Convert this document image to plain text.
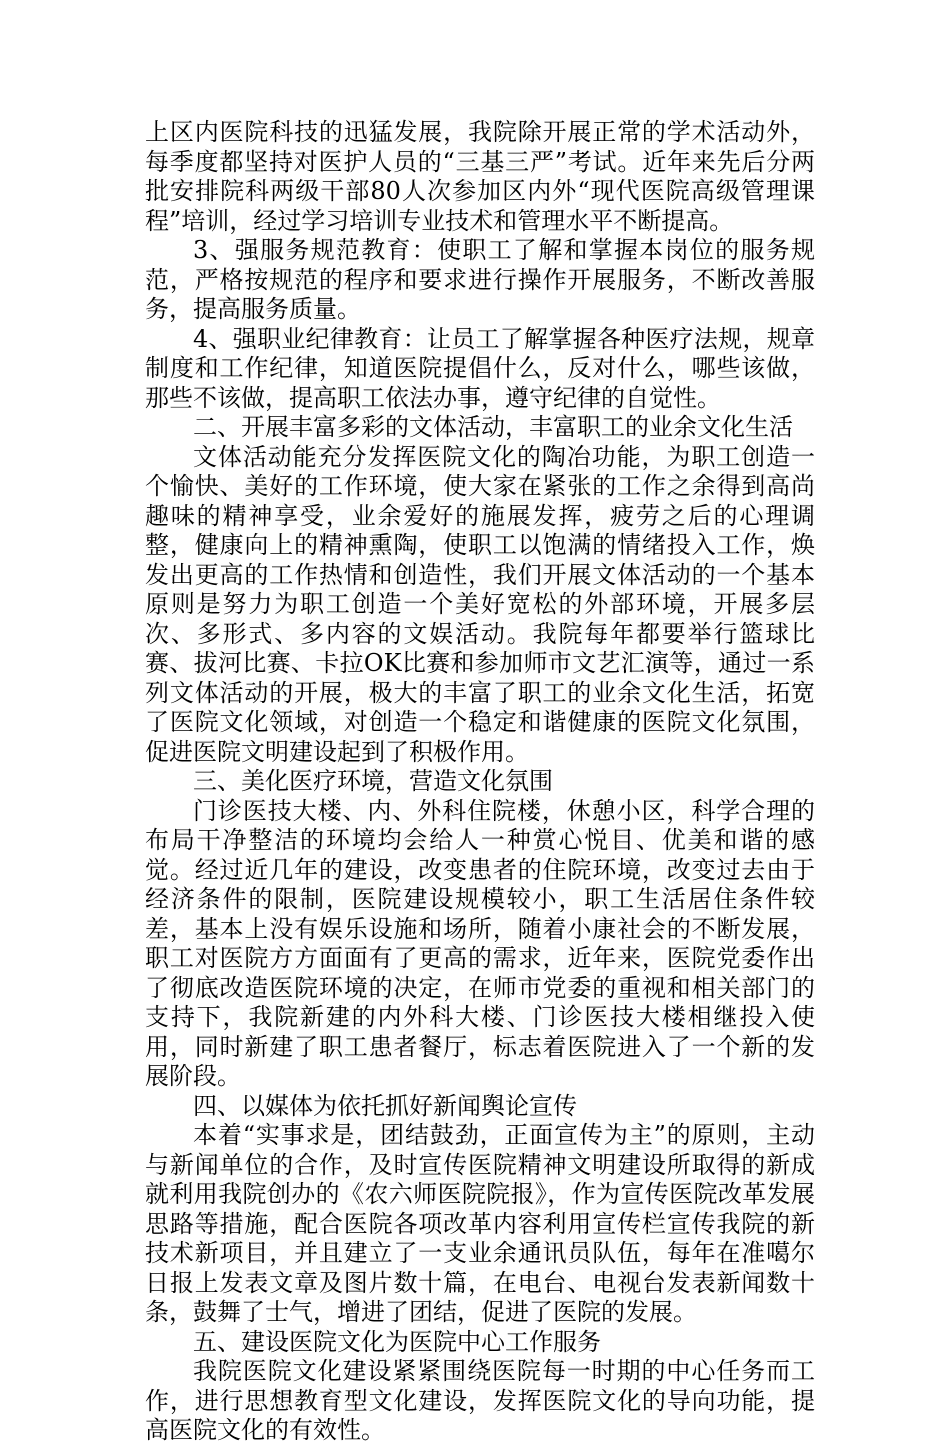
上区内医院科技的迅猛发展，我院除开展正常的学术活动外，每季度都坚持对医护人员的“三基三严”考试。近年来先后分两批安排院科两级干部80人次参加区内外“现代医院高级管理课程”培训，经过学习培训专业技术和管理水平不断提高。

3、强服务规范教育：使职工了解和掌握本岗位的服务规范，严格按规范的程序和要求进行操作开展服务，不断改善服务，提高服务质量。

4、强职业纪律教育：让员工了解掌握各种医疗法规，规章制度和工作纪律，知道医院提倡什么，反对什么，哪些该做，那些不该做，提高职工依法办事，遵守纪律的自觉性。

二、开展丰富多彩的文体活动，丰富职工的业余文化生活

文体活动能充分发挥医院文化的陶冶功能，为职工创造一个愉快、美好的工作环境，使大家在紧张的工作之余得到高尚趣味的精神享受，业余爱好的施展发挥，疲劳之后的心理调整，健康向上的精神熏陶，使职工以饱满的情绪投入工作，焕发出更高的工作热情和创造性，我们开展文体活动的一个基本原则是努力为职工创造一个美好宽松的外部环境，开展多层次、多形式、多内容的文娱活动。我院每年都要举行篮球比赛、拔河比赛、卡拉OK比赛和参加师市文艺汇演等，通过一系列文体活动的开展，极大的丰富了职工的业余文化生活，拓宽了医院文化领域，对创造一个稳定和谐健康的医院文化氛围，促进医院文明建设起到了积极作用。

三、美化医疗环境，营造文化氛围

门诊医技大楼、内、外科住院楼，休憩小区，科学合理的布局干净整洁的环境均会给人一种赏心悦目、优美和谐的感觉。经过近几年的建设，改变患者的住院环境，改变过去由于经济条件的限制，医院建设规模较小，职工生活居住条件较差，基本上没有娱乐设施和场所，随着小康社会的不断发展，职工对医院方方面面有了更高的需求，近年来，医院党委作出了彻底改造医院环境的决定，在师市党委的重视和相关部门的支持下，我院新建的内外科大楼、门诊医技大楼相继投入使用，同时新建了职工患者餐厅，标志着医院进入了一个新的发展阶段。

四、以媒体为依托抓好新闻舆论宣传

本着“实事求是，团结鼓劲，正面宣传为主”的原则，主动与新闻单位的合作，及时宣传医院精神文明建设所取得的新成就利用我院创办的《农六师医院院报》，作为宣传医院改革发展思路等措施，配合医院各项改革内容利用宣传栏宣传我院的新技术新项目，并且建立了一支业余通讯员队伍，每年在准噶尔日报上发表文章及图片数十篇，在电台、电视台发表新闻数十条，鼓舞了士气，增进了团结，促进了医院的发展。

五、建设医院文化为医院中心工作服务

我院医院文化建设紧紧围绕医院每一时期的中心任务而工作，进行思想教育型文化建设，发挥医院文化的导向功能，提高医院文化的有效性。
